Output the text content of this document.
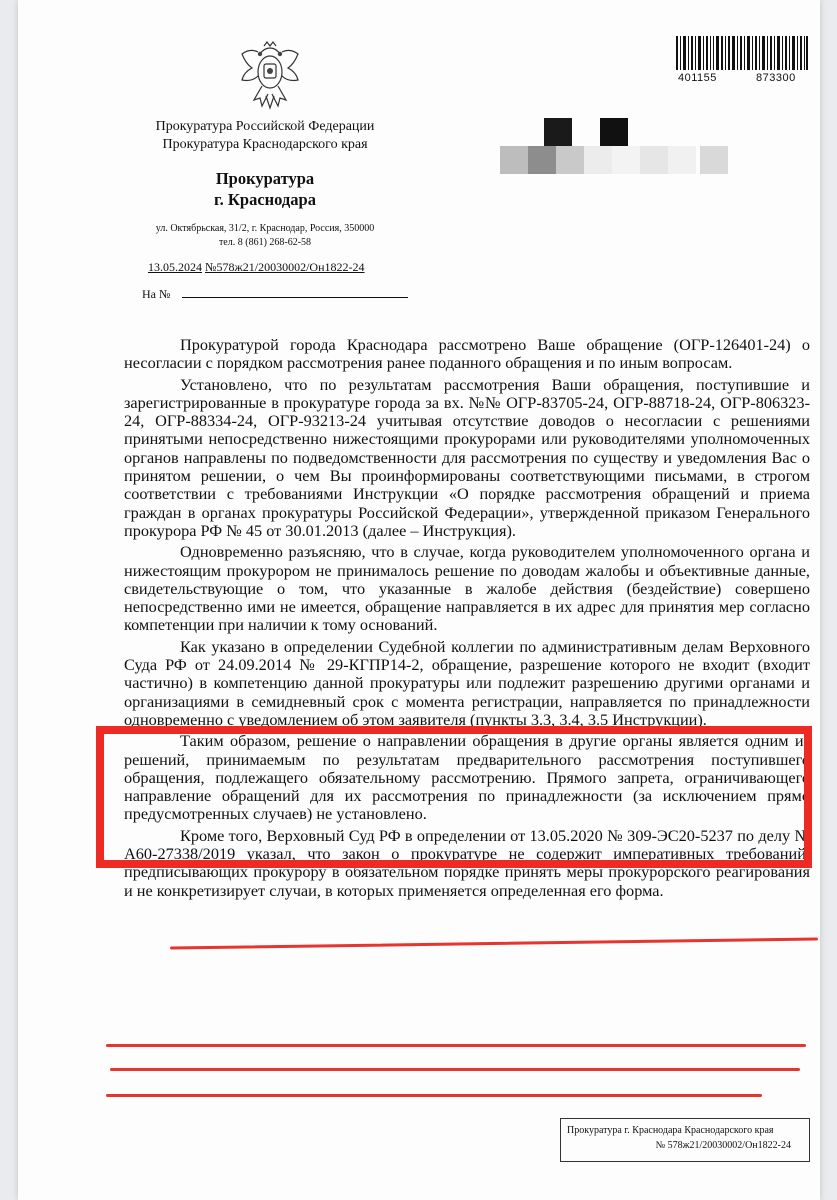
401155	873300
Прокуратура Российской Федерации
Прокуратура Краснодарского края
Прокуратура
г. Краснодара
ул. Октябрьская, 31/2, г. Краснодар, Россия, 350000
тел. 8 (861) 268-62-58
13.05.2024 №578ж21/20030002/Он1822-24
На №

Прокуратурой города Краснодара рассмотрено Ваше обращение (ОГР-126401-24) о несогласии с порядком рассмотрения ранее поданного обращения и по иным вопросам.

Установлено, что по результатам рассмотрения Ваши обращения, поступившие и зарегистрированные в прокуратуре города за вх. №№ ОГР-83705-24, ОГР-88718-24, ОГР-806323-24, ОГР-88334-24, ОГР-93213-24 учитывая отсутствие доводов о несогласии с решениями принятыми непосредственно нижестоящими прокурорами или руководителями уполномоченных органов направлены по подведомственности для рассмотрения по существу и уведомления Вас о принятом решении, о чем Вы проинформированы соответствующими письмами, в строгом соответствии с требованиями Инструкции «О порядке рассмотрения обращений и приема граждан в органах прокуратуры Российской Федерации», утвержденной приказом Генерального прокурора РФ № 45 от 30.01.2013 (далее – Инструкция).

Одновременно разъясняю, что в случае, когда руководителем уполномоченного органа и нижестоящим прокурором не принималось решение по доводам жалобы и объективные данные, свидетельствующие о том, что указанные в жалобе действия (бездействие) совершено непосредственно ими не имеется, обращение направляется в их адрес для принятия мер согласно компетенции при наличии к тому оснований.

Как указано в определении Судебной коллегии по административным делам Верховного Суда РФ от 24.09.2014 № 29-КГПР14-2, обращение, разрешение которого не входит (входит частично) в компетенцию данной прокуратуры или подлежит разрешению другими органами и организациями в семидневный срок с момента регистрации, направляется по принадлежности одновременно с уведомлением об этом заявителя (пункты 3.3, 3.4, 3.5 Инструкции).

Таким образом, решение о направлении обращения в другие органы является одним из решений, принимаемым по результатам предварительного рассмотрения поступившего обращения, подлежащего обязательному рассмотрению. Прямого запрета, ограничивающего направление обращений для их рассмотрения по принадлежности (за исключением прямо предусмотренных случаев) не установлено.

Кроме того, Верховный Суд РФ в определении от 13.05.2020 № 309-ЭС20-5237 по делу № А60-27338/2019 указал, что закон о прокуратуре не содержит императивных требований, предписывающих прокурору в обязательном порядке принять меры прокурорского реагирования и не конкретизирует случаи, в которых применяется определенная его форма.

Прокуратура г. Краснодара Краснодарского края
№ 578ж21/20030002/Он1822-24
